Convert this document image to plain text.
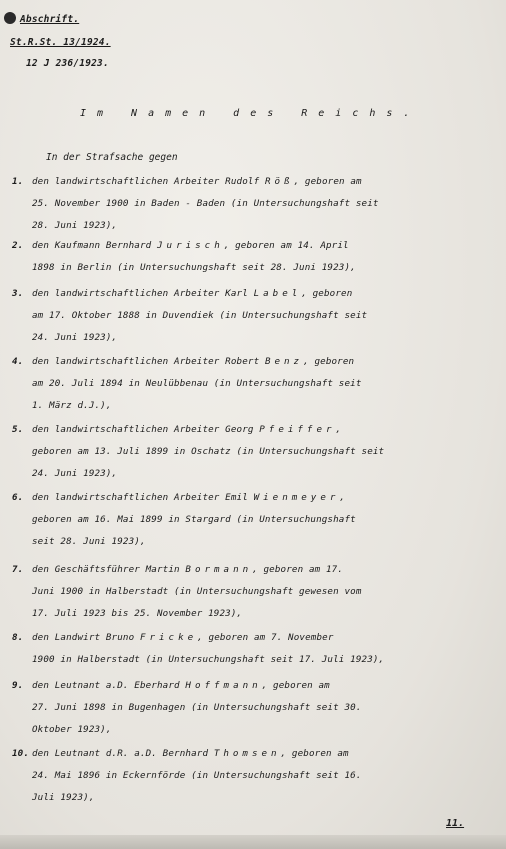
Abschrift.
St.R.St. 13/1924.
12 J 236/1923.
Im Namen des Reichs.
In der Strafsache gegen
1. den landwirtschaftlichen Arbeiter Rudolf Röß, geboren am
25. November 1900 in Baden - Baden (in Untersuchungshaft seit
28. Juni 1923),
2. den Kaufmann Bernhard Jurisch, geboren am 14. April
1898 in Berlin (in Untersuchungshaft seit 28. Juni 1923),
3. den landwirtschaftlichen Arbeiter Karl Label, geboren
am 17. Oktober 1888 in Duvendiek (in Untersuchungshaft seit
24. Juni 1923),
4. den landwirtschaftlichen Arbeiter Robert Benz, geboren
am 20. Juli 1894 in Neulübbenau (in Untersuchungshaft seit
1. März d.J.),
5. den landwirtschaftlichen Arbeiter Georg Pfeiffer,
geboren am 13. Juli 1899 in Oschatz (in Untersuchungshaft seit
24. Juni 1923),
6. den landwirtschaftlichen Arbeiter Emil Wienmeyer,
geboren am 16. Mai 1899 in Stargard (in Untersuchungshaft
seit 28. Juni 1923),
7. den Geschäftsführer Martin Bormann, geboren am 17.
Juni 1900 in Halberstadt (in Untersuchungshaft gewesen vom
17. Juli 1923 bis 25. November 1923),
8. den Landwirt Bruno Fricke, geboren am 7. November
1900 in Halberstadt (in Untersuchungshaft seit 17. Juli 1923),
9. den Leutnant a.D. Eberhard Hoffmann, geboren am
27. Juni 1898 in Bugenhagen (in Untersuchungshaft seit 30.
Oktober 1923),
10. den Leutnant d.R. a.D. Bernhard Thomsen, geboren am
24. Mai 1896 in Eckernförde (in Untersuchungshaft seit 16.
Juli 1923),
11.
